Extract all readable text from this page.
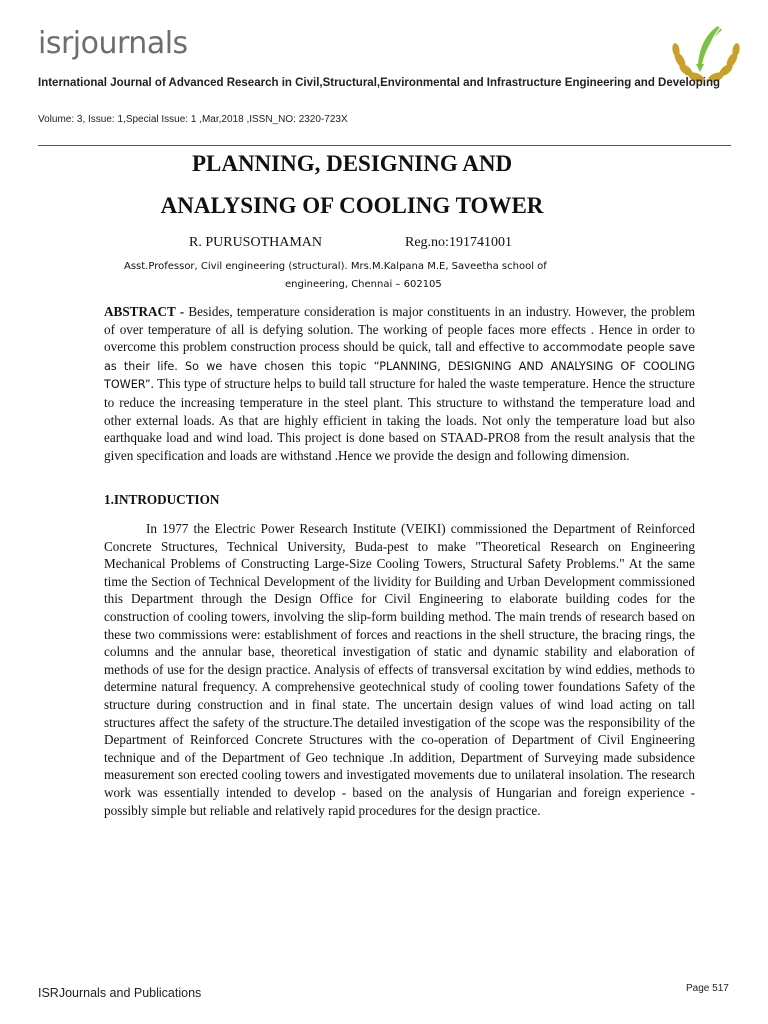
isrjournals
International Journal of Advanced Research in Civil,Structural,Environmental and Infrastructure Engineering and Developing
Volume: 3, Issue: 1,Special Issue: 1 ,Mar,2018 ,ISSN_NO: 2320-723X
PLANNING, DESIGNING AND
ANALYSING OF COOLING TOWER
R. PURUSOTHAMAN	Reg.no:191741001
Asst.Professor, Civil engineering (structural). Mrs.M.Kalpana M.E, Saveetha school of
engineering, Chennai – 602105
ABSTRACT - Besides, temperature consideration is major constituents in an industry. However, the problem of over temperature of all is defying solution. The working of people faces more effects . Hence in order to overcome this problem construction process should be quick, tall and effective to accommodate people save as their life. So we have chosen this topic “PLANNING, DESIGNING AND ANALYSING OF COOLING TOWER”. This type of structure helps to build tall structure for haled the waste temperature. Hence the structure to reduce the increasing temperature in the steel plant. This structure to withstand the temperature load and other external loads. As that are highly efficient in taking the loads. Not only the temperature load but also earthquake load and wind load. This project is done based on STAAD-PRO8 from the result analysis that the given specification and loads are withstand .Hence we provide the design and following dimension.
1.INTRODUCTION
In 1977 the Electric Power Research Institute (VEIKI) commissioned the Department of Reinforced Concrete Structures, Technical University, Buda-pest to make "Theoretical Research on Engineering Mechanical Problems of Constructing Large-Size Cooling Towers, Structural Safety Problems." At the same time the Section of Technical Development of the lividity for Building and Urban Development commissioned this Department through the Design Office for Civil Engineering to elaborate building codes for the construction of cooling towers, involving the slip-form building method. The main trends of research based on these two commissions were: establishment of forces and reactions in the shell structure, the bracing rings, the columns and the annular base, theoretical investigation of static and dynamic stability and elaboration of methods of use for the design practice. Analysis of effects of transversal excitation by wind eddies, methods to determine natural frequency. A comprehensive geotechnical study of cooling tower foundations Safety of the structure during construction and in final state. The uncertain design values of wind load acting on tall structures affect the safety of the structure.The detailed investigation of the scope was the responsibility of the Department of Reinforced Concrete Structures with the co-operation of Department of Civil Engineering technique and of the Department of Geo technique .In addition, Department of Surveying made subsidence measurement son erected cooling towers and investigated movements due to unilateral insolation. The research work was essentially intended to develop - based on the analysis of Hungarian and foreign experience - possibly simple but reliable and relatively rapid procedures for the design practice.
ISRJournals and Publications	Page 517
